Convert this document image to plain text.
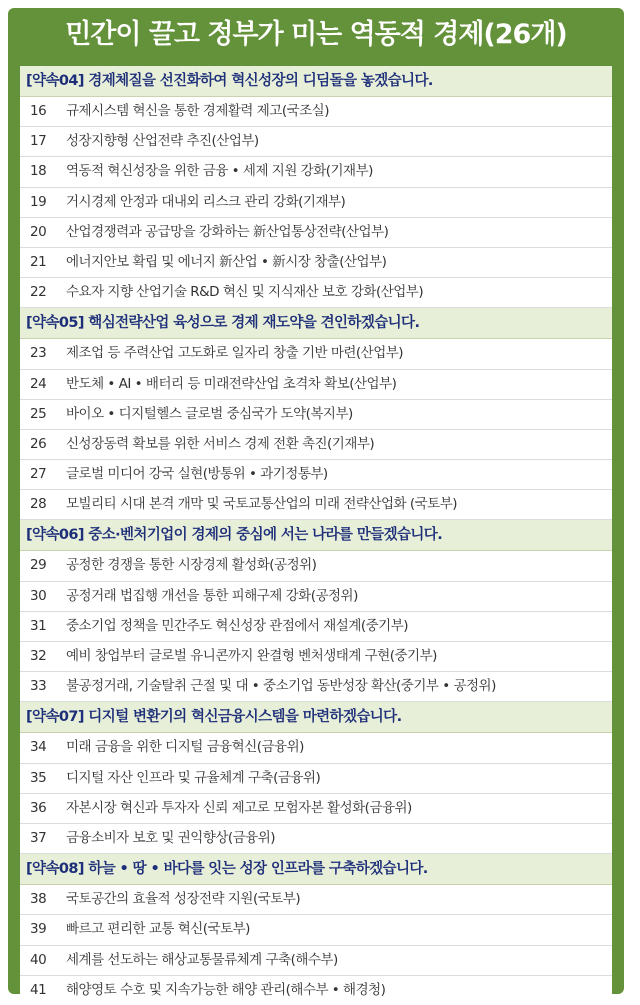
민간이 끌고 정부가 미는 역동적 경제(26개)
[약속04] 경제체질을 선진화하여 혁신성장의 디딤돌을 놓겠습니다.
16 규제시스템 혁신을 통한 경제활력 제고(국조실)
17 성장지향형 산업전략 추진(산업부)
18 역동적 혁신성장을 위한 금융 • 세제 지원 강화(기재부)
19 거시경제 안정과 대내외 리스크 관리 강화(기재부)
20 산업경쟁력과 공급망을 강화하는 新산업통상전략(산업부)
21 에너지안보 확립 및 에너지 新산업 • 新시장 창출(산업부)
22 수요자 지향 산업기술 R&D 혁신 및 지식재산 보호 강화(산업부)
[약속05] 핵심전략산업 육성으로 경제 재도약을 견인하겠습니다.
23 제조업 등 주력산업 고도화로 일자리 창출 기반 마련(산업부)
24 반도체 • AI • 배터리 등 미래전략산업 초격차 확보(산업부)
25 바이오 • 디지털헬스 글로벌 중심국가 도약(복지부)
26 신성장동력 확보를 위한 서비스 경제 전환 촉진(기재부)
27 글로벌 미디어 강국 실현(방통위 • 과기정통부)
28 모빌리티 시대 본격 개막 및 국토교통산업의 미래 전략산업화 (국토부)
[약속06] 중소·벤처기업이 경제의 중심에 서는 나라를 만들겠습니다.
29 공정한 경쟁을 통한 시장경제 활성화(공정위)
30 공정거래 법집행 개선을 통한 피해구제 강화(공정위)
31 중소기업 정책을 민간주도 혁신성장 관점에서 재설계(중기부)
32 예비 창업부터 글로벌 유니콘까지 완결형 벤처생태계 구현(중기부)
33 불공정거래, 기술탈취 근절 및 대 • 중소기업 동반성장 확산(중기부 • 공정위)
[약속07] 디지털 변환기의 혁신금융시스템을 마련하겠습니다.
34 미래 금융을 위한 디지털 금융혁신(금융위)
35 디지털 자산 인프라 및 규율체계 구축(금융위)
36 자본시장 혁신과 투자자 신뢰 제고로 모험자본 활성화(금융위)
37 금융소비자 보호 및 권익향상(금융위)
[약속08] 하늘 • 땅 • 바다를 잇는 성장 인프라를 구축하겠습니다.
38 국토공간의 효율적 성장전략 지원(국토부)
39 빠르고 편리한 교통 혁신(국토부)
40 세계를 선도하는 해상교통물류체계 구축(해수부)
41 해양영토 수호 및 지속가능한 해양 관리(해수부 • 해경청)
